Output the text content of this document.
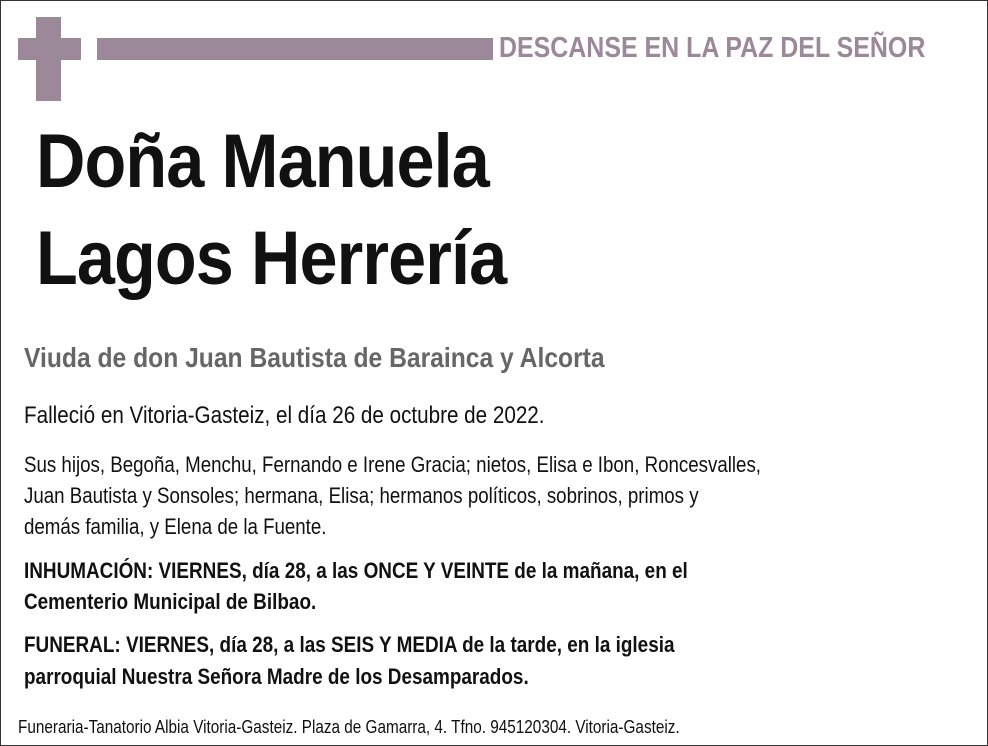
DESCANSE EN LA PAZ DEL SEÑOR
Doña Manuela
Lagos Herrería
Viuda de don Juan Bautista de Barainca y Alcorta
Falleció en Vitoria-Gasteiz, el día 26 de octubre de 2022.
Sus hijos, Begoña, Menchu, Fernando e Irene Gracia; nietos, Elisa e Ibon, Roncesvalles,
Juan Bautista y Sonsoles; hermana, Elisa; hermanos políticos, sobrinos, primos y
demás familia, y Elena de la Fuente.
INHUMACIÓN: VIERNES, día 28, a las ONCE Y VEINTE de la mañana, en el
Cementerio Municipal de Bilbao.
FUNERAL: VIERNES, día 28, a las SEIS Y MEDIA de la tarde, en la iglesia
parroquial Nuestra Señora Madre de los Desamparados.
Funeraria-Tanatorio Albia Vitoria-Gasteiz. Plaza de Gamarra, 4. Tfno. 945120304. Vitoria-Gasteiz.
